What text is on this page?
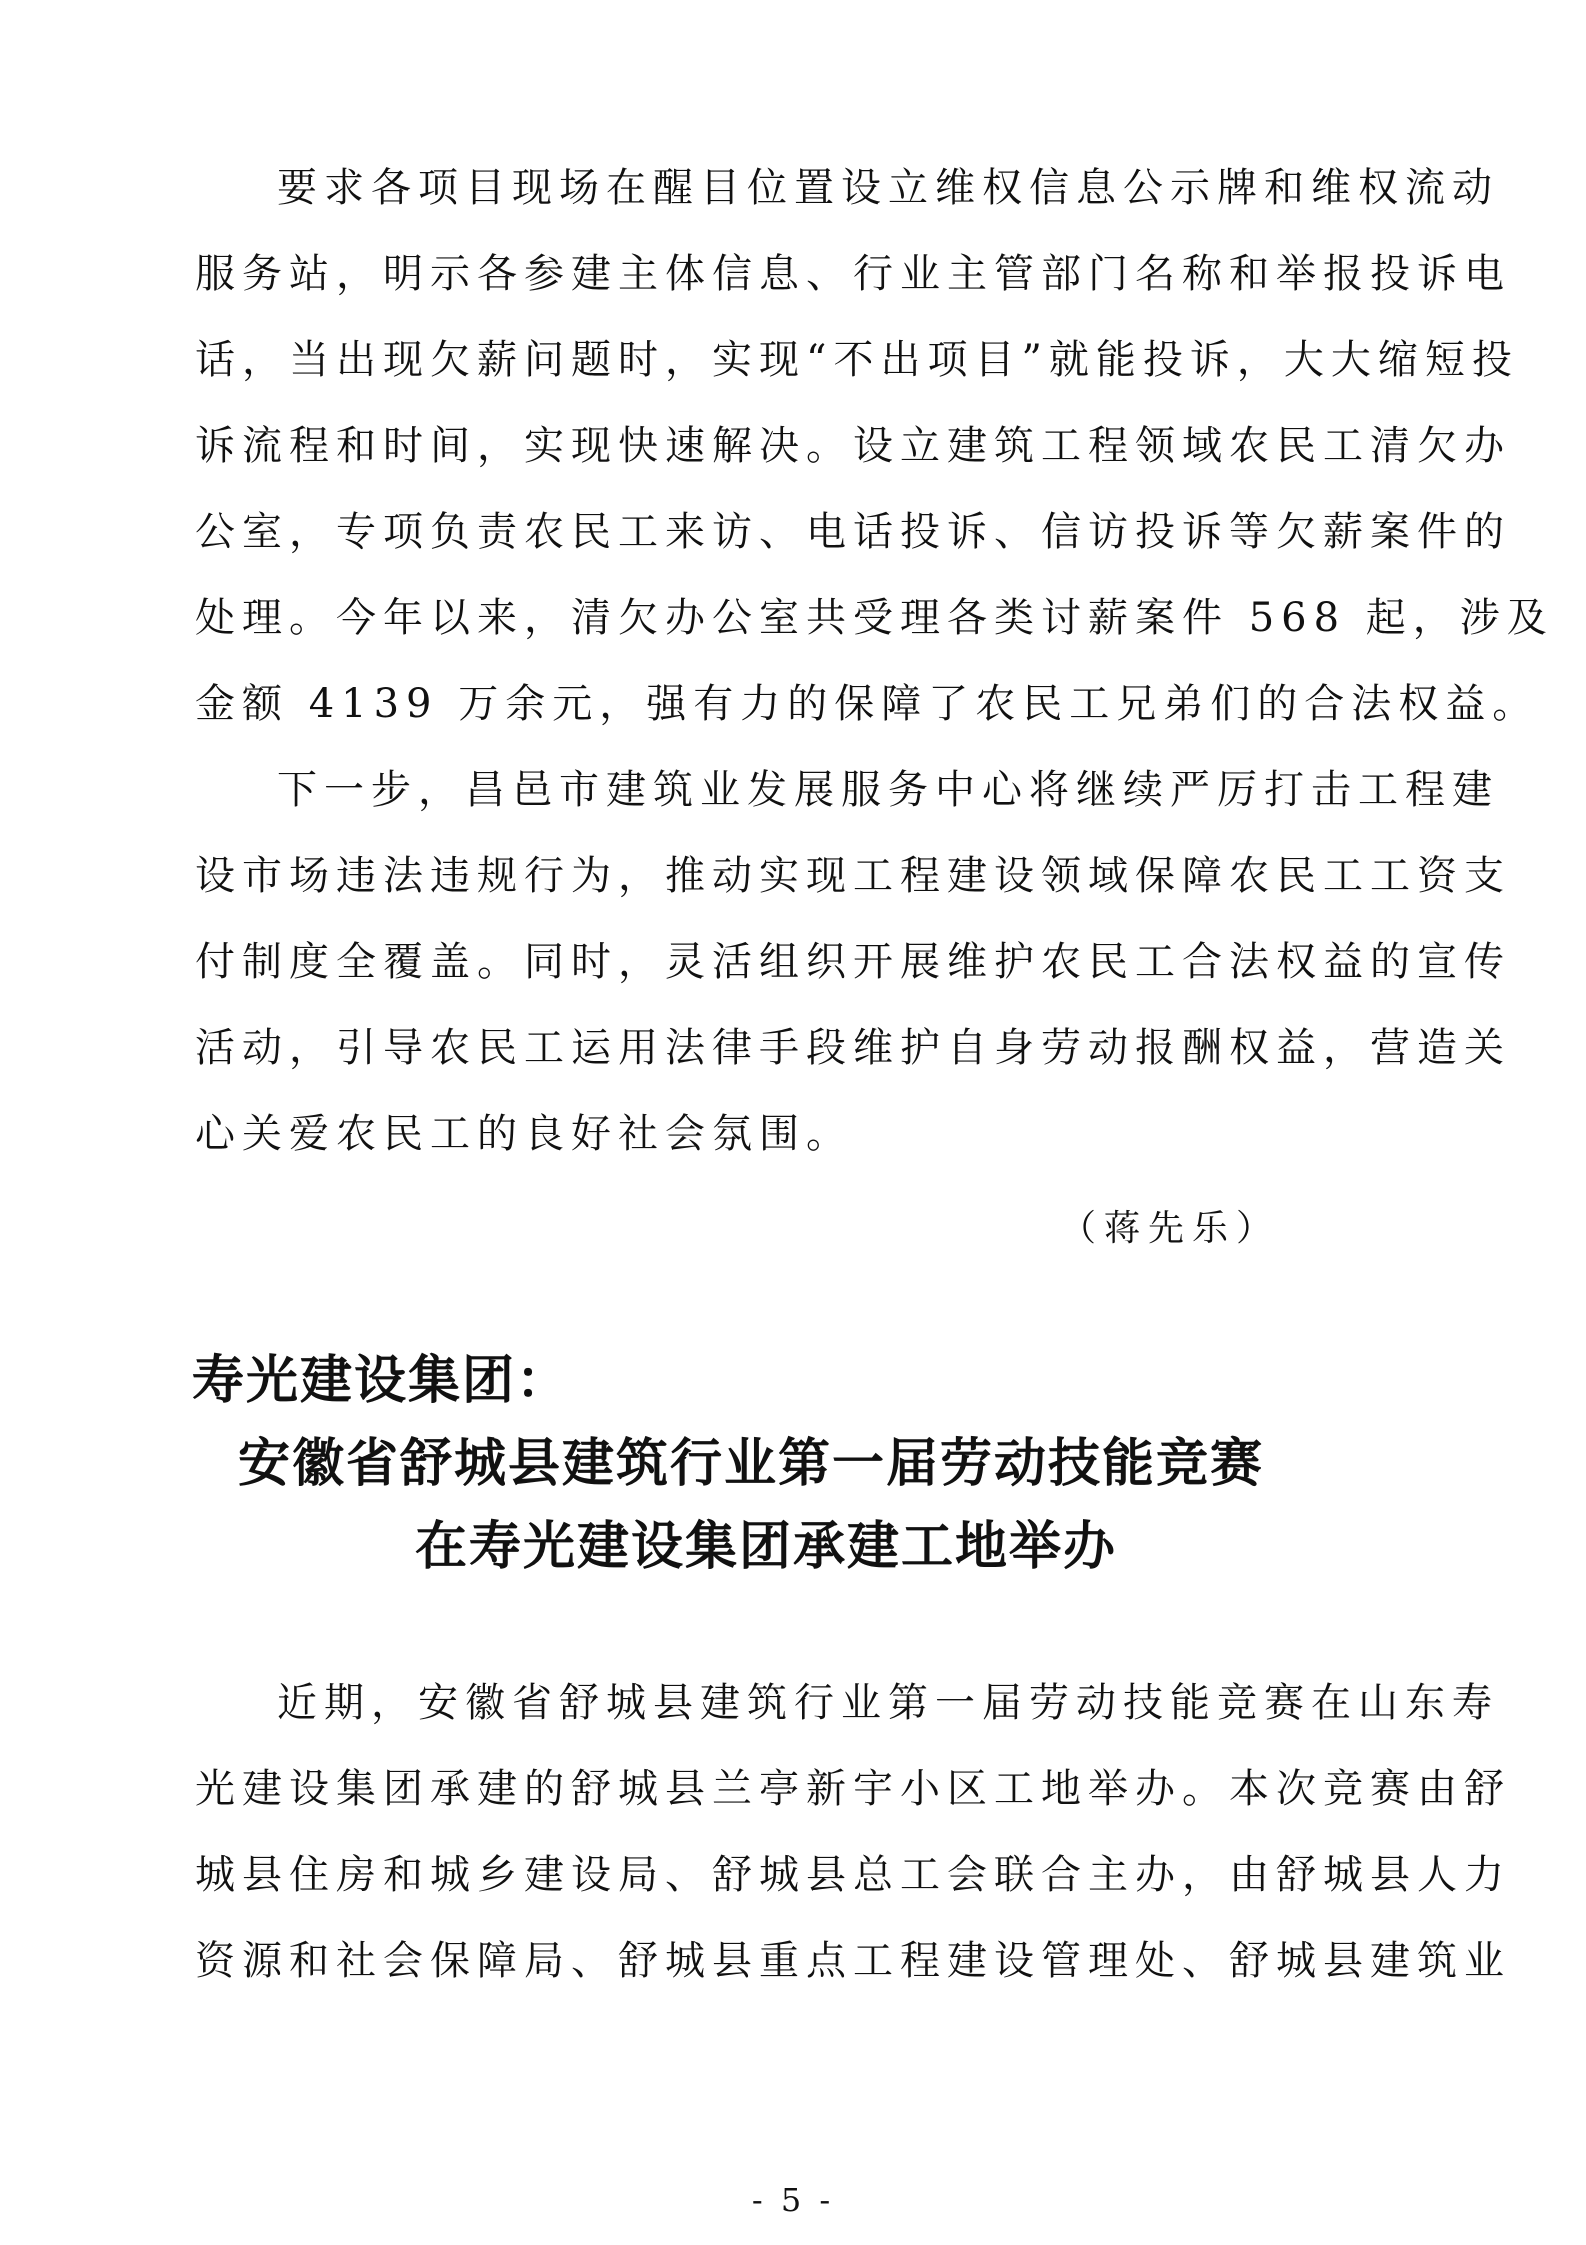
要求各项目现场在醒目位置设立维权信息公示牌和维权流动
服务站，明示各参建主体信息、行业主管部门名称和举报投诉电
话，当出现欠薪问题时，实现“不出项目”就能投诉，大大缩短投
诉流程和时间，实现快速解决。设立建筑工程领域农民工清欠办
公室，专项负责农民工来访、电话投诉、信访投诉等欠薪案件的
处理。今年以来，清欠办公室共受理各类讨薪案件 568 起，涉及
金额 4139 万余元，强有力的保障了农民工兄弟们的合法权益。
下一步，昌邑市建筑业发展服务中心将继续严厉打击工程建
设市场违法违规行为，推动实现工程建设领域保障农民工工资支
付制度全覆盖。同时，灵活组织开展维护农民工合法权益的宣传
活动，引导农民工运用法律手段维护自身劳动报酬权益，营造关
心关爱农民工的良好社会氛围。
（蒋先乐）
寿光建设集团：
安徽省舒城县建筑行业第一届劳动技能竞赛
在寿光建设集团承建工地举办
近期，安徽省舒城县建筑行业第一届劳动技能竞赛在山东寿
光建设集团承建的舒城县兰亭新宇小区工地举办。本次竞赛由舒
城县住房和城乡建设局、舒城县总工会联合主办，由舒城县人力
资源和社会保障局、舒城县重点工程建设管理处、舒城县建筑业
- 5 -
